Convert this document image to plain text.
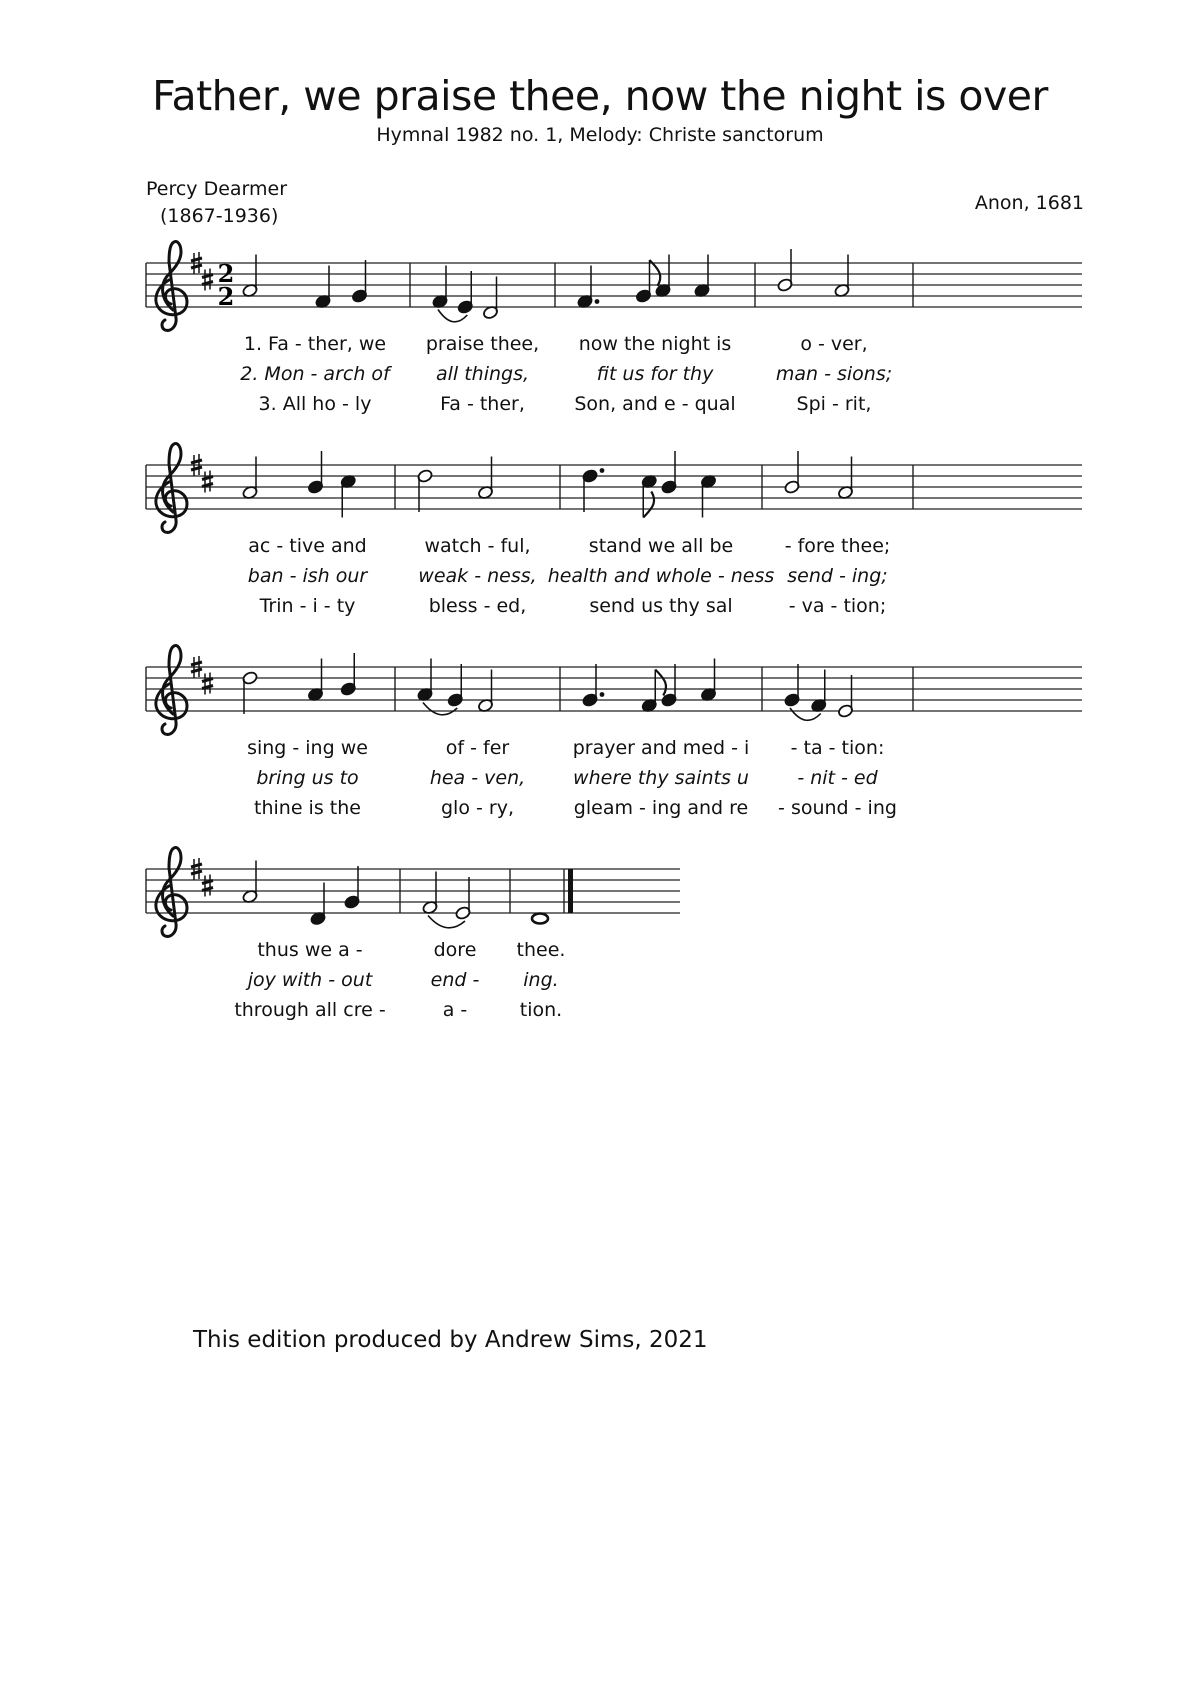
Father, we praise thee, now the night is over

Hymnal 1982 no. 1, Melody: Christe sanctorum

Percy Dearmer
(1867-1936)
Anon, 1681
2
2
1. Fa - ther, we praise thee, now the night is	o - ver,
2. Mon - arch of all things,	fit us for thy	man - sions;
3. All ho - ly	Fa - ther,	Son, and e - qual	Spi - rit,
ac - tive and	watch - ful,	stand we all be	- fore thee;
ban - ish our	weak - ness, health and whole - ness send - ing;
Trin - i - ty	bless - ed,	send us thy sal	- va - tion;
sing - ing we	of - fer	prayer and med - i - ta - tion:
bring us to	hea - ven,	where thy saints u	- nit - ed
thine is the	glo - ry,	gleam - ing and re - sound - ing
thus we a -	dore thee.
joy with - out	end - ing.
through all cre -	a -	tion.
This edition produced by Andrew Sims, 2021
